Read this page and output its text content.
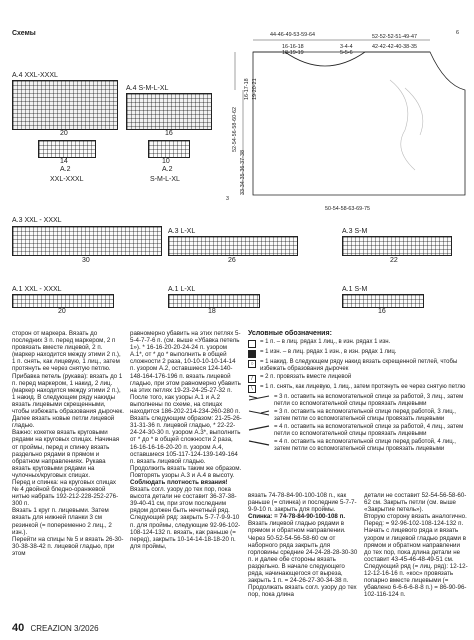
Схемы
A.4 XXL-XXXL
20
A.4 S-M-L-XL
16
14
A.2
XXL-XXXL
10
A.2
S-M-L-XL
44-46-49-53-59-64
16-16-18
18-19-19
3-4-4
5-5-6
52-52-52-51-49-47
42-42-42-40-38-35
6
16-17-18 19-20-21
52-54-56-58-60-62
33-34-35-36-37-38
3
50-54-58-63-69-75
A.3 XXL - XXXL
30
A.3 L-XL
26
A.3 S-M
22
A.1 XXL - XXXL
20
A.1 L-XL
18
A.1 S-M
16

сторон от маркера. Вязать до последних 3 п. перед маркером, 2 п провязать вместе лицевой, 2 п.(маркер находится между этими 2 п.), 1 п. снять, как лицевую, 1 лиц., затем протянуть ее через снятую петлю.

Прибавка петель (рукава): вязать до 1 п. перед маркером, 1 накид, 2 лиц. (маркер находится между этими 2 п.), 1 накид. В следующем ряду накиды вязать лицевыми скрещенными, чтобы избежать образования дырочек. Далее вязать новые петли лицевой гладью.

Важно: кокетке вязать круговыми рядами на круговых спицах. Начиная от проймы, перед и спинку вязать раздельно рядами в прямом и обратном направлениях. Рукава вязать круговыми рядами на чулочных/круговых спицах.

Перед и спинка: на круговых спицах № 4 двойной бледно-оранжевой нитью набрать 192-212-228-252-276-300 п.

Вязать 1 круг п. лицевыми. Затем вязать для нижней планки 3 см резинкой (= попеременно 2 лиц., 2 изн.).

Перейти на спицы № 5 и вязать 26-30-30-38-38-42 п. лицевой гладью, при этом

равномерно убавить на этих петлях 5-5-4-7-7-6 п. (см. выше «Убавка петель 1»). * 16-16-20-20-24-24 п. узором А.1*, от * до * выполнить в общей сложности 2 раза, 10-10-10-10-14-14 п. узором А.2, оставшиеся 124-140-148-164-176-196 п. вязать лицевой гладью, при этом равномерно убавить на этих петлях 19-23-24-25-27-32 п.

После того, как узоры А.1 и А.2 выполнены по схеме, на спицах находится 186-202-214-234-260-280 п.

Вязать следующим образом: 21-25-26-31-31-36 п. лицевой гладью, * 22-22-24-24-30-30 п. узором А.3*, выполнить от * до * в общей сложности 2 раза, 16-16-16-16-20-20 п. узором А.4, оставшиеся 105-117-124-139-149-164 п. вязать лицевой гладью. Продолжить вязать таким же образом. Повторять узоры А.3 и А.4 в высоту.

Соблюдать плотность вязания!

Вязать согл. узору до тех пор, пока высота детали не составит 36-37-38-39-40-41 см, при этом последним рядом должен быть нечетный ряд.

Следующий ряд: закрыть 5-7-7-9-9-10 п. для проймы, следующие 92-96-102-108-124-132 п. вязать, как раньше (= перед), закрыть 10-14-14-18-18-20 п. для проймы,

Условные обозначения:
= 1 п. – в лиц. рядах 1 лиц., в изн. рядах 1 изн.
= 1 изн. – в лиц. рядах 1 изн., в изн. рядах 1 лиц.
○	= 1 накид. В следующем ряду накид вязать скрещенной петлей, чтобы избежать образования дырочек
/	= 2 п. провязать вместе лицевой
\	= 1 п. снять, как лицевую, 1 лиц., затем протянуть ее через снятую петлю
= 3 п. оставить на вспомогательной спице за работой, 3 лиц., затем петли со вспомогательной спицы провязать лицевыми
= 3 п. оставить на вспомогательной спице перед работой, 3 лиц., затем петли со вспомогательной спицы провязать лицевыми
= 4 п. оставить на вспомогательной спице за работой, 4 лиц., затем петли со вспомогательной спицы провязать лицевыми
= 4 п. оставить на вспомогательной спице перед работой, 4 лиц., затем петли со вспомогательной спицы провязать лицевыми

вязать 74-78-84-90-100-108 п., как раньше (= спинка) и последние 5-7-7-9-9-10 п. закрыть для проймы.

Спинка: = 74-78-84-90-100-108 п.

Вязать лицевой гладью рядами в прямом и обратном направлении.

Через 50-52-54-56-58-60 см от наборного ряда закрыть для горловины средние 24-24-28-28-30-30 п. и далее обе стороны вязать раздельно. В начале следующего ряда, начинающегося от выреза, закрыть 1 п. = 24-26-27-30-34-38 п.

Продолжать вязать согл. узору до тех пор, пока длина

детали не составит 52-54-56-58-60-62 см. Закрыть петли (см. выше «Закрытие петель»).

Вторую сторону вязать аналогично.

Перед: = 92-96-102-108-124-132 п. Начать с лицевого ряда и вязать узором и лицевой гладью рядами в прямом и обратном направлении до тех пор, пока длина детали не составит 43-45-46-48-49-51 см.

Следующий ряд (= лиц. ряд): 12-12-12-12-16-16 п. «кос» провязать попарно вместе лицевыми (= убавлено 6-6-6-6-8-8 п.) = 86-90-96-102-116-124 п.

40 CREAZION 3/2026
